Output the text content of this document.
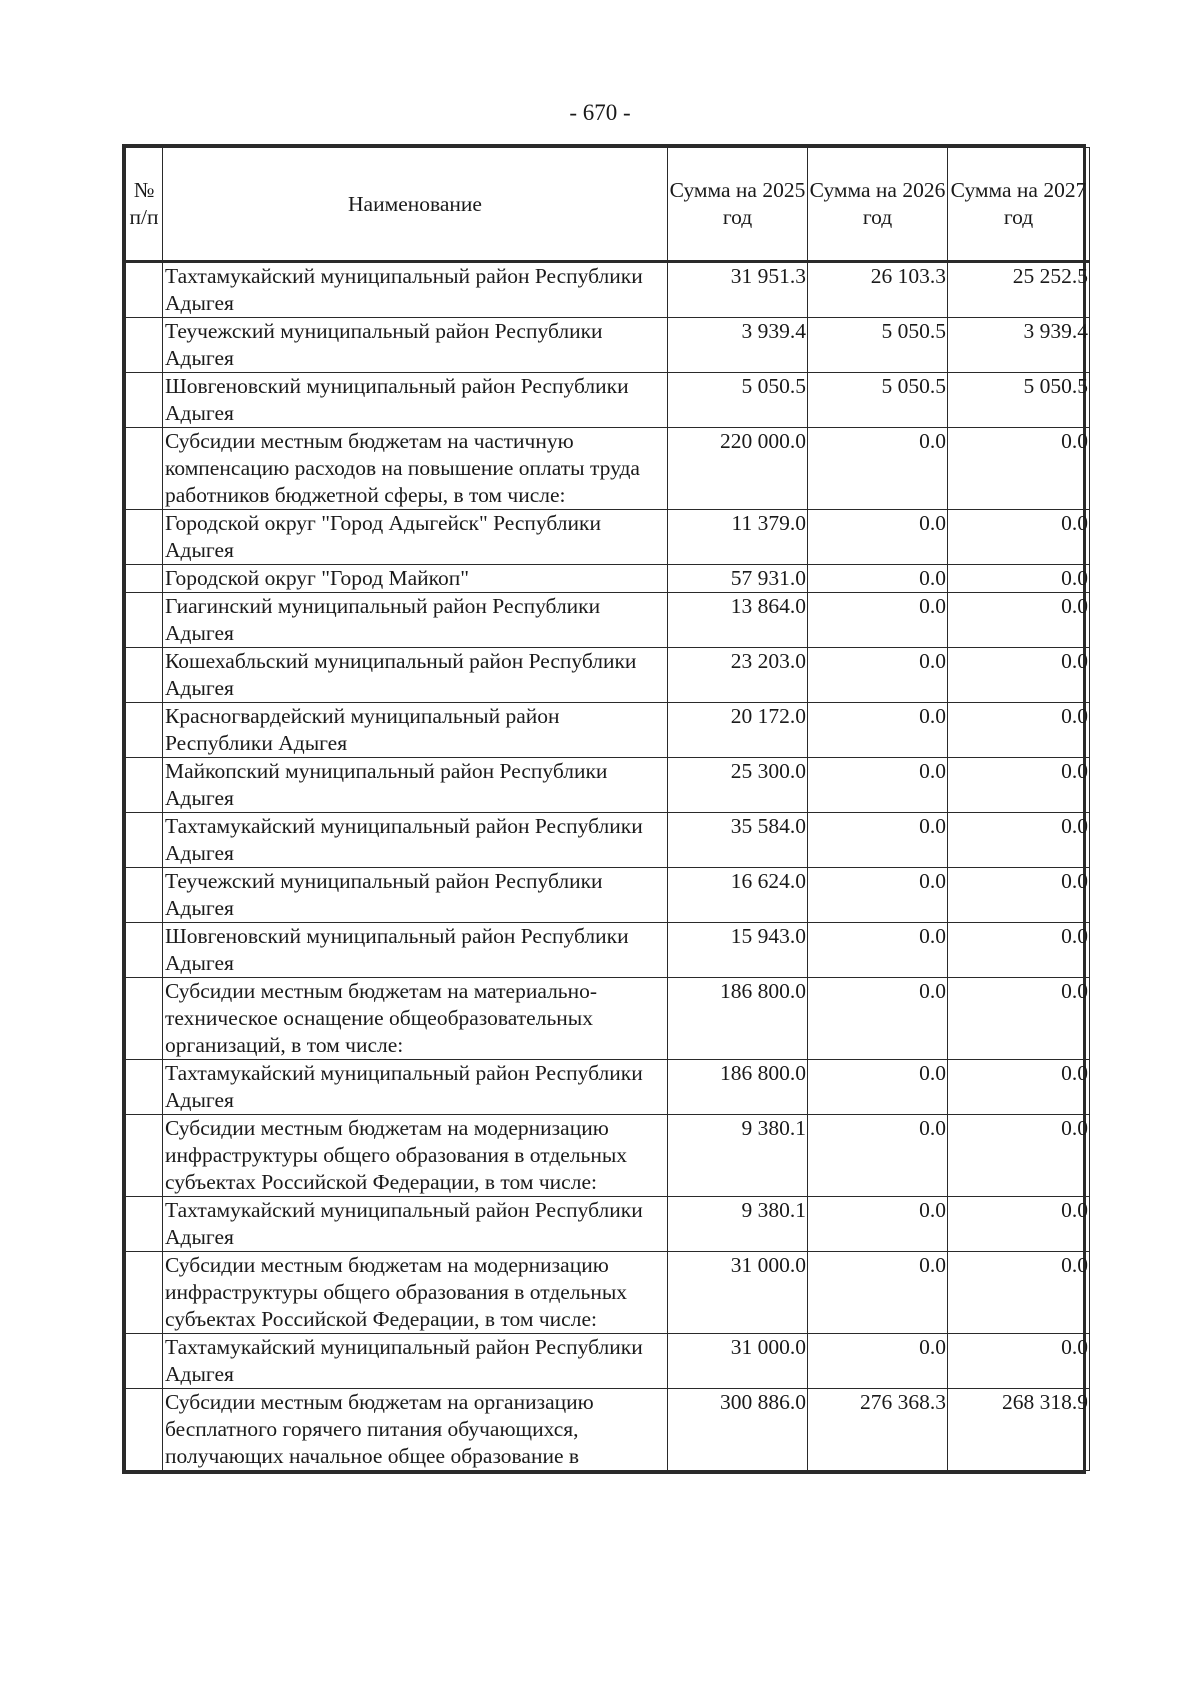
- 670 -
№ п/п	Наименование	Сумма на 2025 год	Сумма на 2026 год	Сумма на 2027 год
	Тахтамукайский муниципальный район Республики Адыгея	31 951.3	26 103.3	25 252.5
	Теучежский муниципальный район Республики Адыгея	3 939.4	5 050.5	3 939.4
	Шовгеновский муниципальный район Республики Адыгея	5 050.5	5 050.5	5 050.5
	Субсидии местным бюджетам на частичную компенсацию расходов на повышение оплаты труда работников бюджетной сферы, в том числе:	220 000.0	0.0	0.0
	Городской округ "Город Адыгейск" Республики Адыгея	11 379.0	0.0	0.0
	Городской округ "Город Майкоп"	57 931.0	0.0	0.0
	Гиагинский муниципальный район Республики Адыгея	13 864.0	0.0	0.0
	Кошехабльский муниципальный район Республики Адыгея	23 203.0	0.0	0.0
	Красногвардейский муниципальный район Республики Адыгея	20 172.0	0.0	0.0
	Майкопский муниципальный район Республики Адыгея	25 300.0	0.0	0.0
	Тахтамукайский муниципальный район Республики Адыгея	35 584.0	0.0	0.0
	Теучежский муниципальный район Республики Адыгея	16 624.0	0.0	0.0
	Шовгеновский муниципальный район Республики Адыгея	15 943.0	0.0	0.0
	Субсидии местным бюджетам на материально-техническое оснащение общеобразовательных организаций, в том числе:	186 800.0	0.0	0.0
	Тахтамукайский муниципальный район Республики Адыгея	186 800.0	0.0	0.0
	Субсидии местным бюджетам на модернизацию инфраструктуры общего образования в отдельных субъектах Российской Федерации, в том числе:	9 380.1	0.0	0.0
	Тахтамукайский муниципальный район Республики Адыгея	9 380.1	0.0	0.0
	Субсидии местным бюджетам на модернизацию инфраструктуры общего образования в отдельных субъектах Российской Федерации, в том числе:	31 000.0	0.0	0.0
	Тахтамукайский муниципальный район Республики Адыгея	31 000.0	0.0	0.0
	Субсидии местным бюджетам на организацию бесплатного горячего питания обучающихся, получающих начальное общее образование в	300 886.0	276 368.3	268 318.9
